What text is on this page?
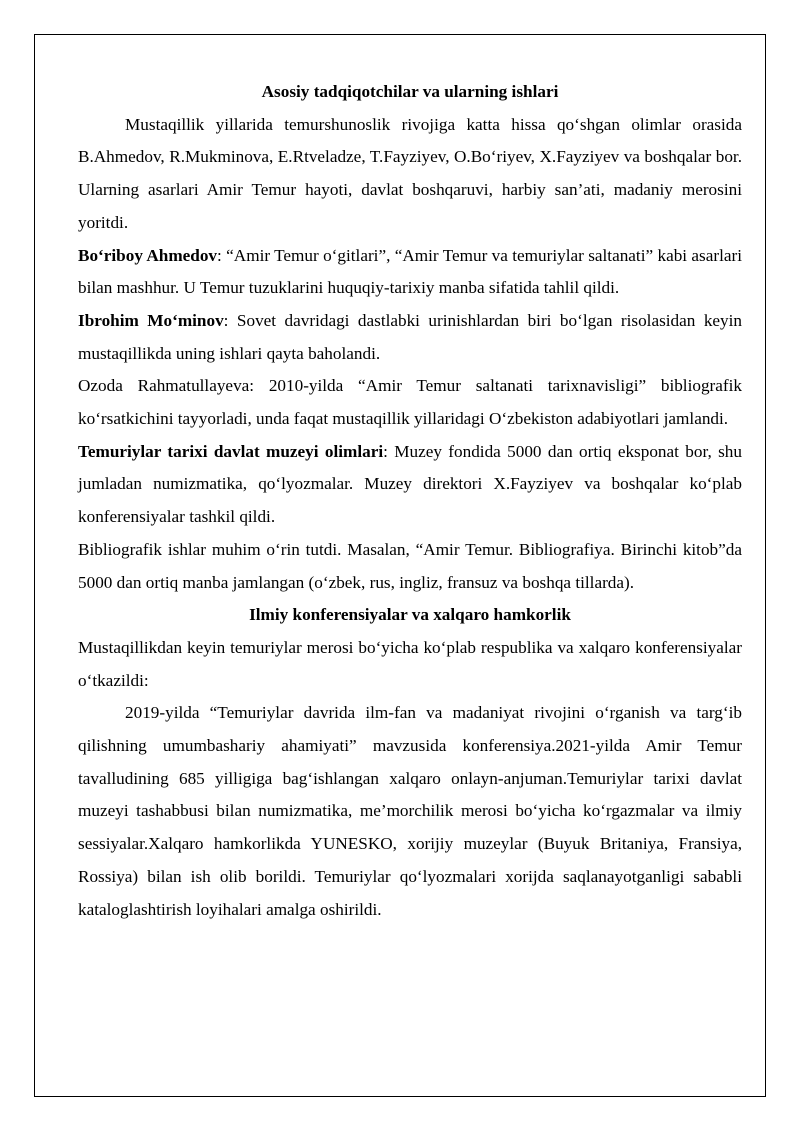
Asosiy tadqiqotchilar va ularning ishlari

Mustaqillik yillarida temurshunoslik rivojiga katta hissa qo‘shgan olimlar orasida B.Ahmedov, R.Mukminova, E.Rtveladze, T.Fayziyev, O.Bo‘riyev, X.Fayziyev va boshqalar bor. Ularning asarlari Amir Temur hayoti, davlat boshqaruvi, harbiy san’ati, madaniy merosini yoritdi.

Bo‘riboy Ahmedov: “Amir Temur o‘gitlari”, “Amir Temur va temuriylar saltanati” kabi asarlari bilan mashhur. U Temur tuzuklarini huquqiy-tarixiy manba sifatida tahlil qildi.

Ibrohim Mo‘minov: Sovet davridagi dastlabki urinishlardan biri bo‘lgan risolasidan keyin mustaqillikda uning ishlari qayta baholandi.

Ozoda Rahmatullayeva: 2010-yilda “Amir Temur saltanati tarixnavisligi” bibliografik ko‘rsatkichini tayyorladi, unda faqat mustaqillik yillaridagi O‘zbekiston adabiyotlari jamlandi.

Temuriylar tarixi davlat muzeyi olimlari: Muzey fondida 5000 dan ortiq eksponat bor, shu jumladan numizmatika, qo‘lyozmalar. Muzey direktori X.Fayziyev va boshqalar ko‘plab konferensiyalar tashkil qildi.

Bibliografik ishlar muhim o‘rin tutdi. Masalan, “Amir Temur. Bibliografiya. Birinchi kitob”da 5000 dan ortiq manba jamlangan (o‘zbek, rus, ingliz, fransuz va boshqa tillarda).

Ilmiy konferensiyalar va xalqaro hamkorlik

Mustaqillikdan keyin temuriylar merosi bo‘yicha ko‘plab respublika va xalqaro konferensiyalar o‘tkazildi:

2019-yilda “Temuriylar davrida ilm-fan va madaniyat rivojini o‘rganish va targ‘ib qilishning umumbashariy ahamiyati” mavzusida konferensiya.2021-yilda Amir Temur tavalludining 685 yilligiga bag‘ishlangan xalqaro onlayn-anjuman.Temuriylar tarixi davlat muzeyi tashabbusi bilan numizmatika, me’morchilik merosi bo‘yicha ko‘rgazmalar va ilmiy sessiyalar.Xalqaro hamkorlikda YUNESKO, xorijiy muzeylar (Buyuk Britaniya, Fransiya, Rossiya) bilan ish olib borildi. Temuriylar qo‘lyozmalari xorijda saqlanayotganligi sababli kataloglashtirish loyihalari amalga oshirildi.
